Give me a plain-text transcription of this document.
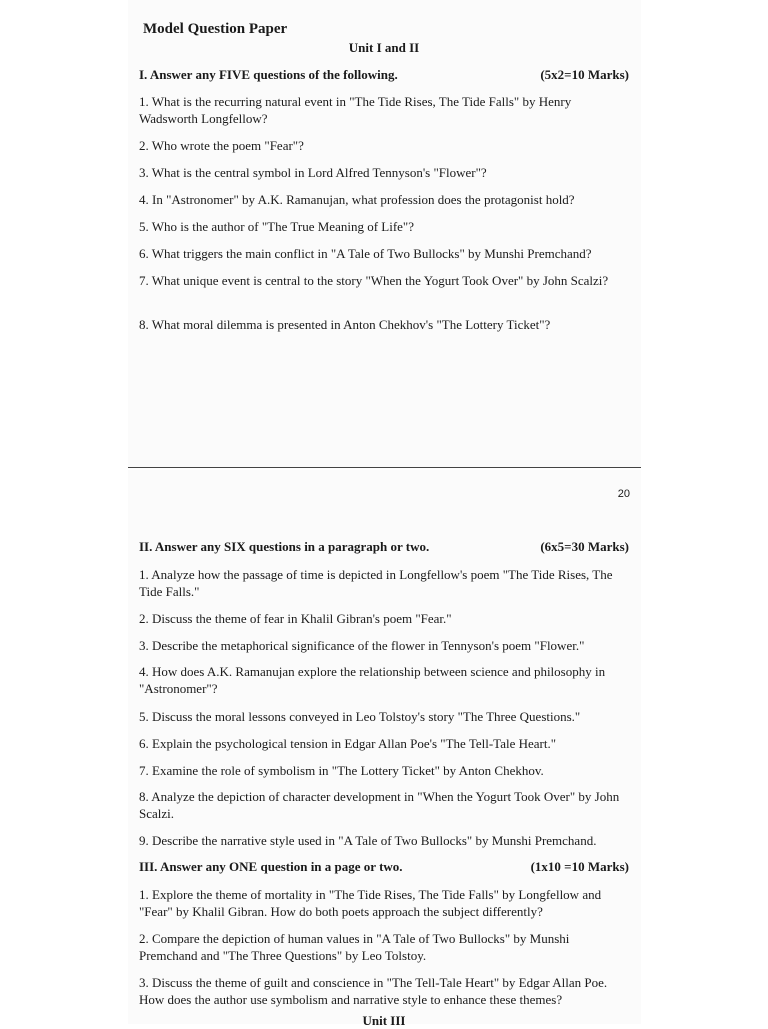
Model Question Paper
Unit I and II
I. Answer any FIVE questions of the following.	(5x2=10 Marks)
1. What is the recurring natural event in "The Tide Rises, The Tide Falls" by Henry Wadsworth Longfellow?
2. Who wrote the poem "Fear"?
3. What is the central symbol in Lord Alfred Tennyson's "Flower"?
4. In "Astronomer" by A.K. Ramanujan, what profession does the protagonist hold?
5. Who is the author of "The True Meaning of Life"?
6. What triggers the main conflict in "A Tale of Two Bullocks" by Munshi Premchand?
7. What unique event is central to the story "When the Yogurt Took Over" by John Scalzi?
8. What moral dilemma is presented in Anton Chekhov's "The Lottery Ticket"?
20
II. Answer any SIX questions in a paragraph or two.	(6x5=30 Marks)
1. Analyze how the passage of time is depicted in Longfellow's poem "The Tide Rises, The Tide Falls."
2. Discuss the theme of fear in Khalil Gibran's poem "Fear."
3. Describe the metaphorical significance of the flower in Tennyson's poem "Flower."
4. How does A.K. Ramanujan explore the relationship between science and philosophy in "Astronomer"?
5. Discuss the moral lessons conveyed in Leo Tolstoy's story "The Three Questions."
6. Explain the psychological tension in Edgar Allan Poe's "The Tell-Tale Heart."
7. Examine the role of symbolism in "The Lottery Ticket" by Anton Chekhov.
8. Analyze the depiction of character development in "When the Yogurt Took Over" by John Scalzi.
9. Describe the narrative style used in "A Tale of Two Bullocks" by Munshi Premchand.
III. Answer any ONE question in a page or two.	(1x10 =10 Marks)
1. Explore the theme of mortality in "The Tide Rises, The Tide Falls" by Longfellow and "Fear" by Khalil Gibran. How do both poets approach the subject differently?
2. Compare the depiction of human values in "A Tale of Two Bullocks" by Munshi Premchand and "The Three Questions" by Leo Tolstoy.
3. Discuss the theme of guilt and conscience in "The Tell-Tale Heart" by Edgar Allan Poe. How does the author use symbolism and narrative style to enhance these themes?
Unit III
